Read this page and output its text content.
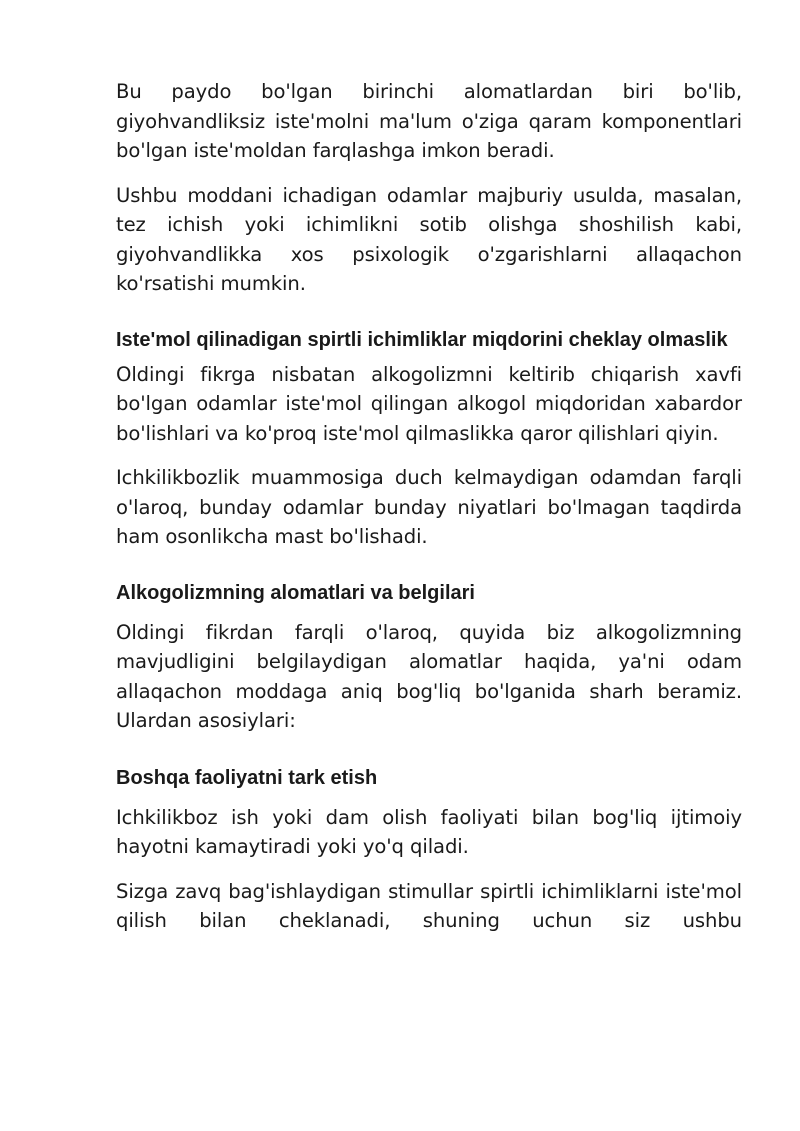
Bu paydo bo'lgan birinchi alomatlardan biri bo'lib, giyohvandliksiz iste'molni ma'lum o'ziga qaram komponentlari bo'lgan iste'moldan farqlashga imkon beradi.

Ushbu moddani ichadigan odamlar majburiy usulda, masalan, tez ichish yoki ichimlikni sotib olishga shoshilish kabi, giyohvandlikka xos psixologik o'zgarishlarni allaqachon ko'rsatishi mumkin.

Iste'mol qilinadigan spirtli ichimliklar miqdorini cheklay olmaslik

Oldingi fikrga nisbatan alkogolizmni keltirib chiqarish xavfi bo'lgan odamlar iste'mol qilingan alkogol miqdoridan xabardor bo'lishlari va ko'proq iste'mol qilmaslikka qaror qilishlari qiyin.

Ichkilikbozlik muammosiga duch kelmaydigan odamdan farqli o'laroq, bunday odamlar bunday niyatlari bo'lmagan taqdirda ham osonlikcha mast bo'lishadi.

Alkogolizmning alomatlari va belgilari

Oldingi fikrdan farqli o'laroq, quyida biz alkogolizmning mavjudligini belgilaydigan alomatlar haqida, ya'ni odam allaqachon moddaga aniq bog'liq bo'lganida sharh beramiz. Ulardan asosiylari:

Boshqa faoliyatni tark etish

Ichkilikboz ish yoki dam olish faoliyati bilan bog'liq ijtimoiy hayotni kamaytiradi yoki yo'q qiladi.

Sizga zavq bag'ishlaydigan stimullar spirtli ichimliklarni iste'mol qilish bilan cheklanadi, shuning uchun siz ushbu
